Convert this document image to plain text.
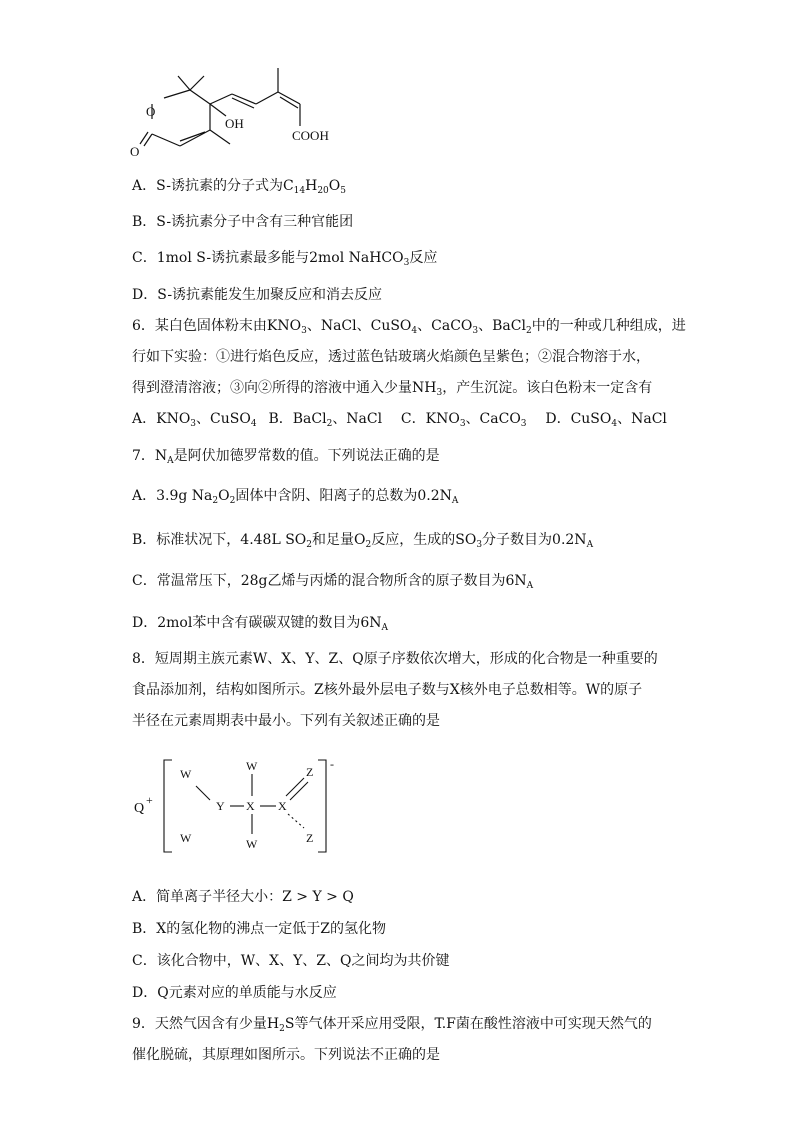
O
O
OH
COOH
A．S-诱抗素的分子式为$C_{14}H_{20}O_5$
B．S-诱抗素分子中含有三种官能团
C．1mol S-诱抗素最多能与2mol NaHCO$_3$反应
D．S-诱抗素能发生加聚反应和消去反应
6．某白色固体粉末由$KNO_3$、NaCl、CuSO$_4$、CaCO$_3$、BaCl$_2$中的一种或几种组成，进
行如下实验：①进行焰色反应，透过蓝色钴玻璃火焰颜色呈紫色；②混合物溶于水，
得到澄清溶液；③向②所得的溶液中通入少量$NH_3$，产生沉淀。该白色粉末一定含有
A．$KNO_3$、CuSO$_4$ B．BaCl$_2$、NaCl C．$KNO_3$、CaCO$_3$ D．CuSO$_4$、NaCl
7．$N_A$是阿伏加德罗常数的值。下列说法正确的是
A．3.9g $Na_2O_2$固体中含阴、阳离子的总数为$0.2N_A$
B．标准状况下，4.48L $SO_2$和足量$O_2$反应，生成的$SO_3$分子数目为$0.2N_A$
C．常温常压下，28g乙烯与丙烯的混合物所含的原子数目为$6N_A$
D．2mol苯中含有碳碳双键的数目为$6N_A$
8．短周期主族元素W、X、Y、Z、Q原子序数依次增大，形成的化合物是一种重要的
食品添加剂，结构如图所示。Z核外最外层电子数与X核外电子总数相等。W的原子
半径在元素周期表中最小。下列有关叙述正确的是
Q
+
-
W
W
Y
W
X
W
X
Z
Z
A．简单离子半径大小：Z > Y > Q
B．X的氢化物的沸点一定低于Z的氢化物
C．该化合物中，W、X、Y、Z、Q之间均为共价键
D．Q元素对应的单质能与水反应
9．天然气因含有少量$H_2S$等气体开采应用受限，T.F菌在酸性溶液中可实现天然气的
催化脱硫，其原理如图所示。下列说法不正确的是
